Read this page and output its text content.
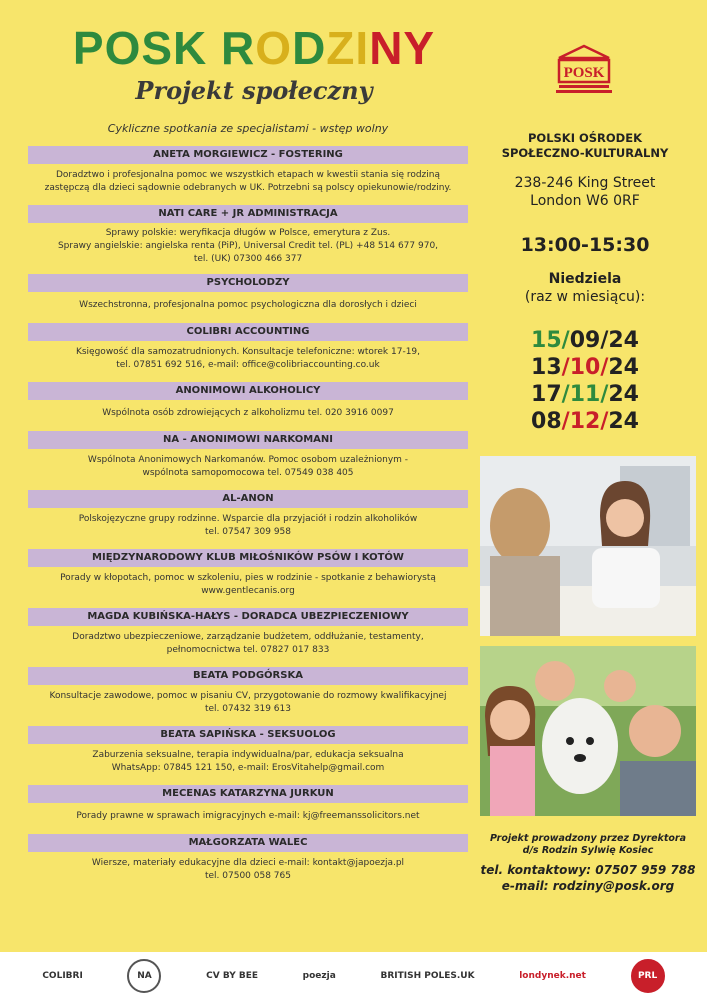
POSK RODZINY
Projekt społeczny
Cykliczne spotkania ze specjalistami - wstęp wolny
ANETA MORGIEWICZ - FOSTERING
Doradztwo i profesjonalna pomoc we wszystkich etapach w kwestii stania się rodziną
zastępczą dla dzieci sądownie odebranych w UK. Potrzebni są polscy opiekunowie/rodziny.
NATI CARE + JR ADMINISTRACJA
Sprawy polskie: weryfikacja długów w Polsce, emerytura z Zus.
Sprawy angielskie: angielska renta (PiP), Universal Credit tel. (PL) +48 514 677 970,
tel. (UK) 07300 466 377
PSYCHOLODZY
Wszechstronna, profesjonalna pomoc psychologiczna dla dorosłych i dzieci
COLIBRI ACCOUNTING
Księgowość dla samozatrudnionych. Konsultacje telefoniczne: wtorek 17-19,
tel. 07851 692 516, e-mail: office@colibriaccounting.co.uk
ANONIMOWI ALKOHOLICY
Wspólnota osób zdrowiejących z alkoholizmu tel. 020 3916 0097
NA - ANONIMOWI NARKOMANI
Wspólnota Anonimowych Narkomanów. Pomoc osobom uzależnionym -
wspólnota samopomocowa tel. 07549 038 405
AL-ANON
Polskojęzyczne grupy rodzinne. Wsparcie dla przyjaciół i rodzin alkoholików
tel. 07547 309 958
MIĘDZYNARODOWY KLUB MIŁOŚNIKÓW PSÓW I KOTÓW
Porady w kłopotach, pomoc w szkoleniu, pies w rodzinie - spotkanie z behawiorystą
www.gentlecanis.org
MAGDA KUBIŃSKA-HAŁYS - DORADCA UBEZPIECZENIOWY
Doradztwo ubezpieczeniowe, zarządzanie budżetem, oddłużanie, testamenty,
pełnomocnictwa tel. 07827 017 833
BEATA PODGÓRSKA
Konsultacje zawodowe, pomoc w pisaniu CV, przygotowanie do rozmowy kwalifikacyjnej
tel. 07432 319 613
BEATA SAPIŃSKA - SEKSUOLOG
Zaburzenia seksualne, terapia indywidualna/par, edukacja seksualna
WhatsApp: 07845 121 150, e-mail: ErosVitahelp@gmail.com
MECENAS KATARZYNA JURKUN
Porady prawne w sprawach imigracyjnych e-mail: kj@freemanssolicitors.net
MAŁGORZATA WALEC
Wiersze, materiały edukacyjne dla dzieci e-mail: kontakt@japoezja.pl
tel. 07500 058 765
POSK
POLSKI OŚRODEK
SPOŁECZNO-KULTURALNY
238-246 King Street
London W6 0RF
13:00-15:30
Niedziela
(raz w miesiącu):
15/09/24
13/10/24
17/11/24
08/12/24
Projekt prowadzony przez Dyrektora
d/s Rodzin Sylwię Kosiec
tel. kontaktowy: 07507 959 788
e-mail: rodziny@posk.org
COLIBRI	NA	CV BY BEE	poezja	BRITISH POLES.UK	londynek.net	PRL
